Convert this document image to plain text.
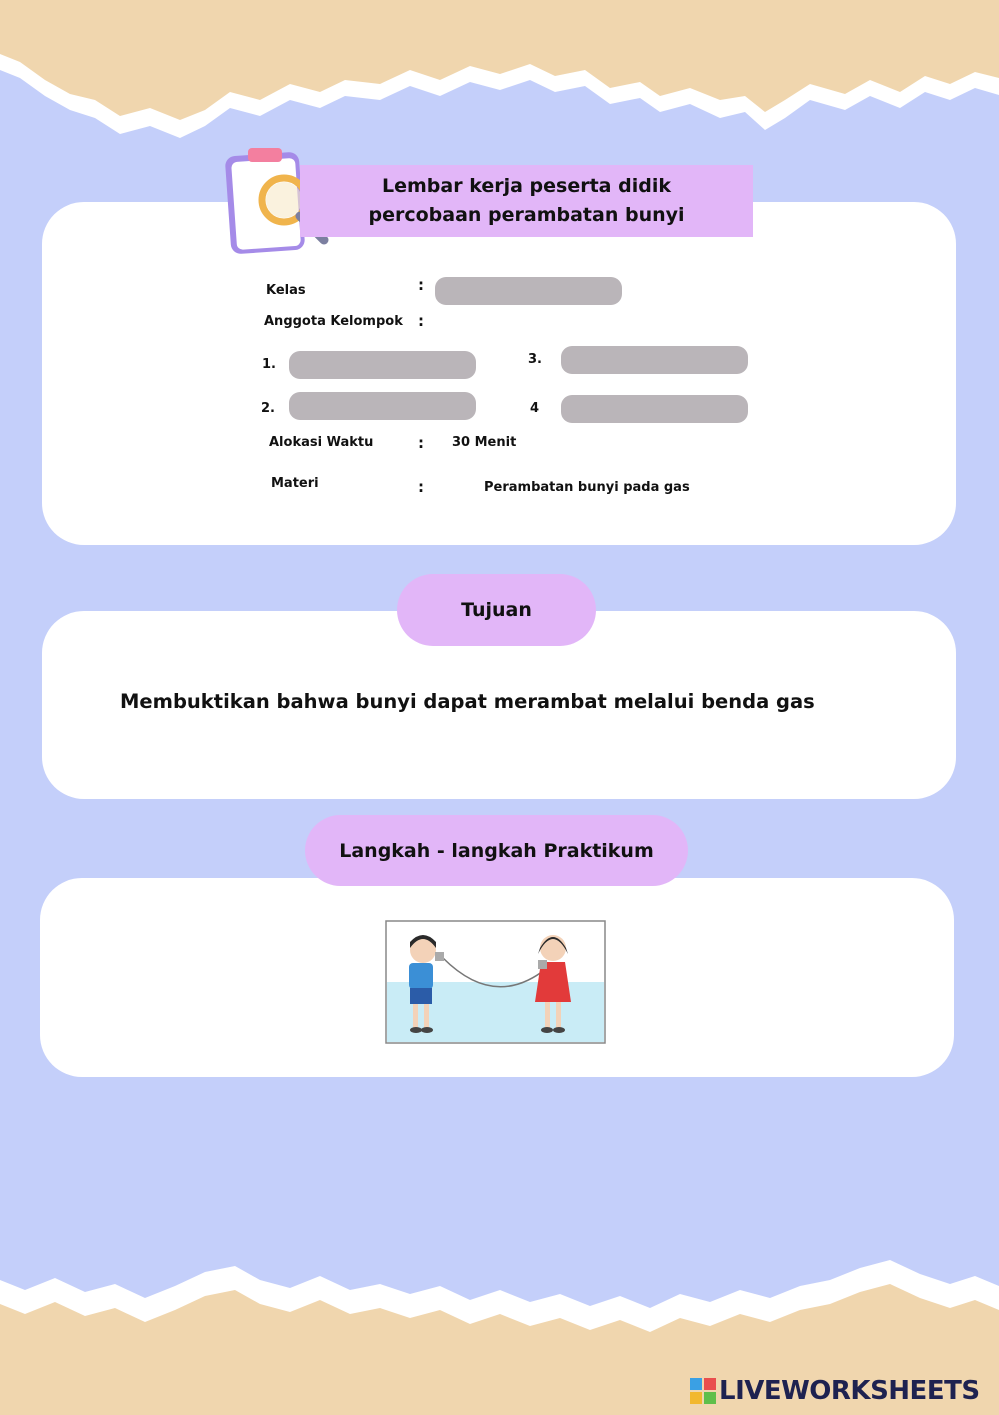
Lembar kerja peserta didik
percobaan perambatan bunyi
Kelas	:
Anggota Kelompok :
1.	3.
2.	4
Alokasi Waktu	: 30 Menit
Materi	:	Perambatan bunyi pada gas
Tujuan
Membuktikan bahwa bunyi dapat merambat melalui benda gas
Langkah - langkah Praktikum
LIVEWORKSHEETS
